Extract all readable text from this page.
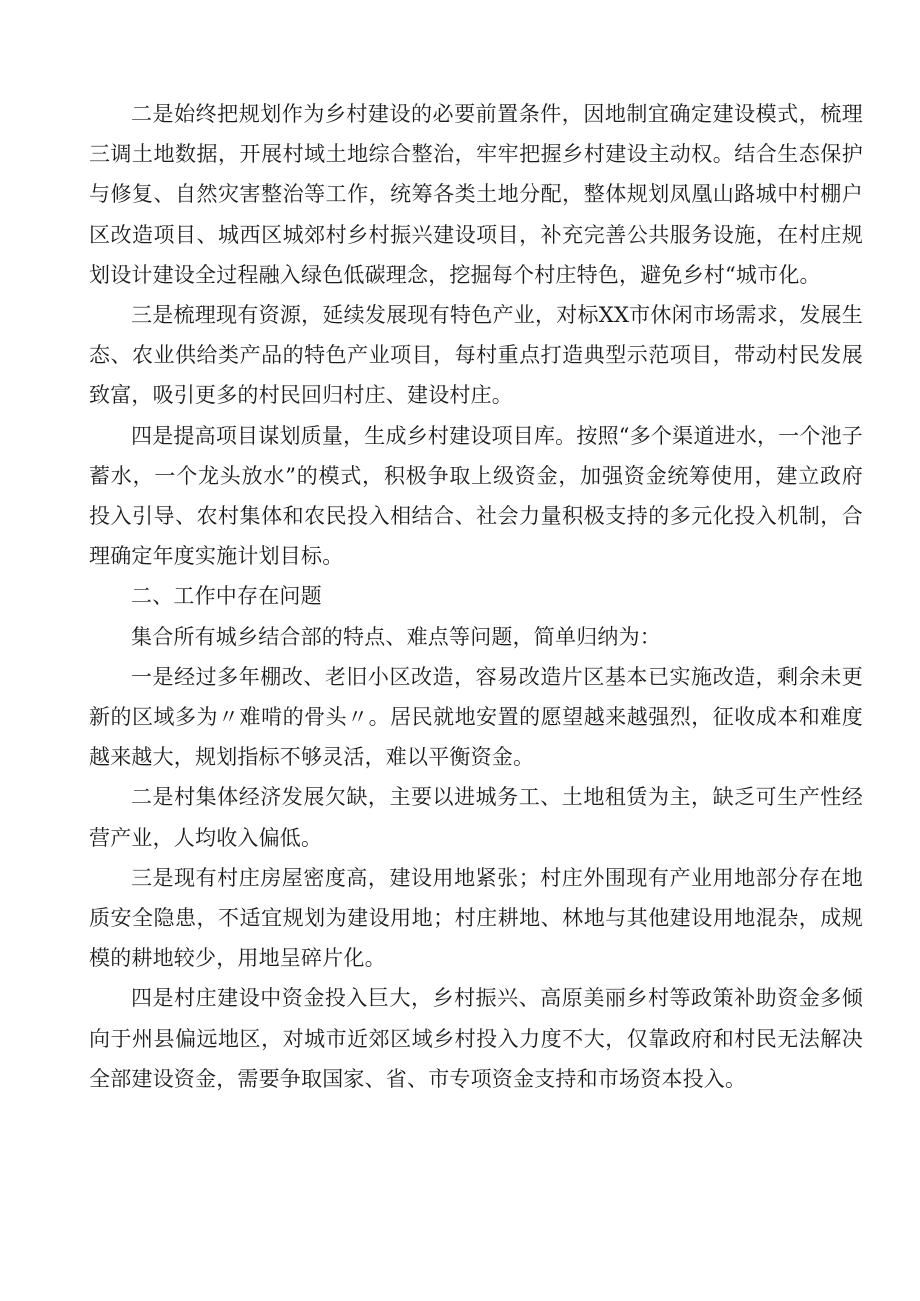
二是始终把规划作为乡村建设的必要前置条件，因地制宜确定建设模式，梳理三调土地数据，开展村域土地综合整治，牢牢把握乡村建设主动权。结合生态保护与修复、自然灾害整治等工作，统筹各类土地分配，整体规划凤凰山路城中村棚户区改造项目、城西区城郊村乡村振兴建设项目，补充完善公共服务设施，在村庄规划设计建设全过程融入绿色低碳理念，挖掘每个村庄特色，避免乡村“城市化。

三是梳理现有资源，延续发展现有特色产业，对标XX市休闲市场需求，发展生态、农业供给类产品的特色产业项目，每村重点打造典型示范项目，带动村民发展致富，吸引更多的村民回归村庄、建设村庄。

四是提高项目谋划质量，生成乡村建设项目库。按照“多个渠道进水，一个池子蓄水，一个龙头放水”的模式，积极争取上级资金，加强资金统筹使用，建立政府投入引导、农村集体和农民投入相结合、社会力量积极支持的多元化投入机制，合理确定年度实施计划目标。

二、工作中存在问题

集合所有城乡结合部的特点、难点等问题，简单归纳为：

一是经过多年棚改、老旧小区改造，容易改造片区基本已实施改造，剩余未更新的区域多为〃难啃的骨头〃。居民就地安置的愿望越来越强烈，征收成本和难度越来越大，规划指标不够灵活，难以平衡资金。

二是村集体经济发展欠缺，主要以进城务工、土地租赁为主，缺乏可生产性经营产业，人均收入偏低。

三是现有村庄房屋密度高，建设用地紧张；村庄外围现有产业用地部分存在地质安全隐患，不适宜规划为建设用地；村庄耕地、林地与其他建设用地混杂，成规模的耕地较少，用地呈碎片化。

四是村庄建设中资金投入巨大，乡村振兴、高原美丽乡村等政策补助资金多倾向于州县偏远地区，对城市近郊区域乡村投入力度不大，仅靠政府和村民无法解决全部建设资金，需要争取国家、省、市专项资金支持和市场资本投入。
